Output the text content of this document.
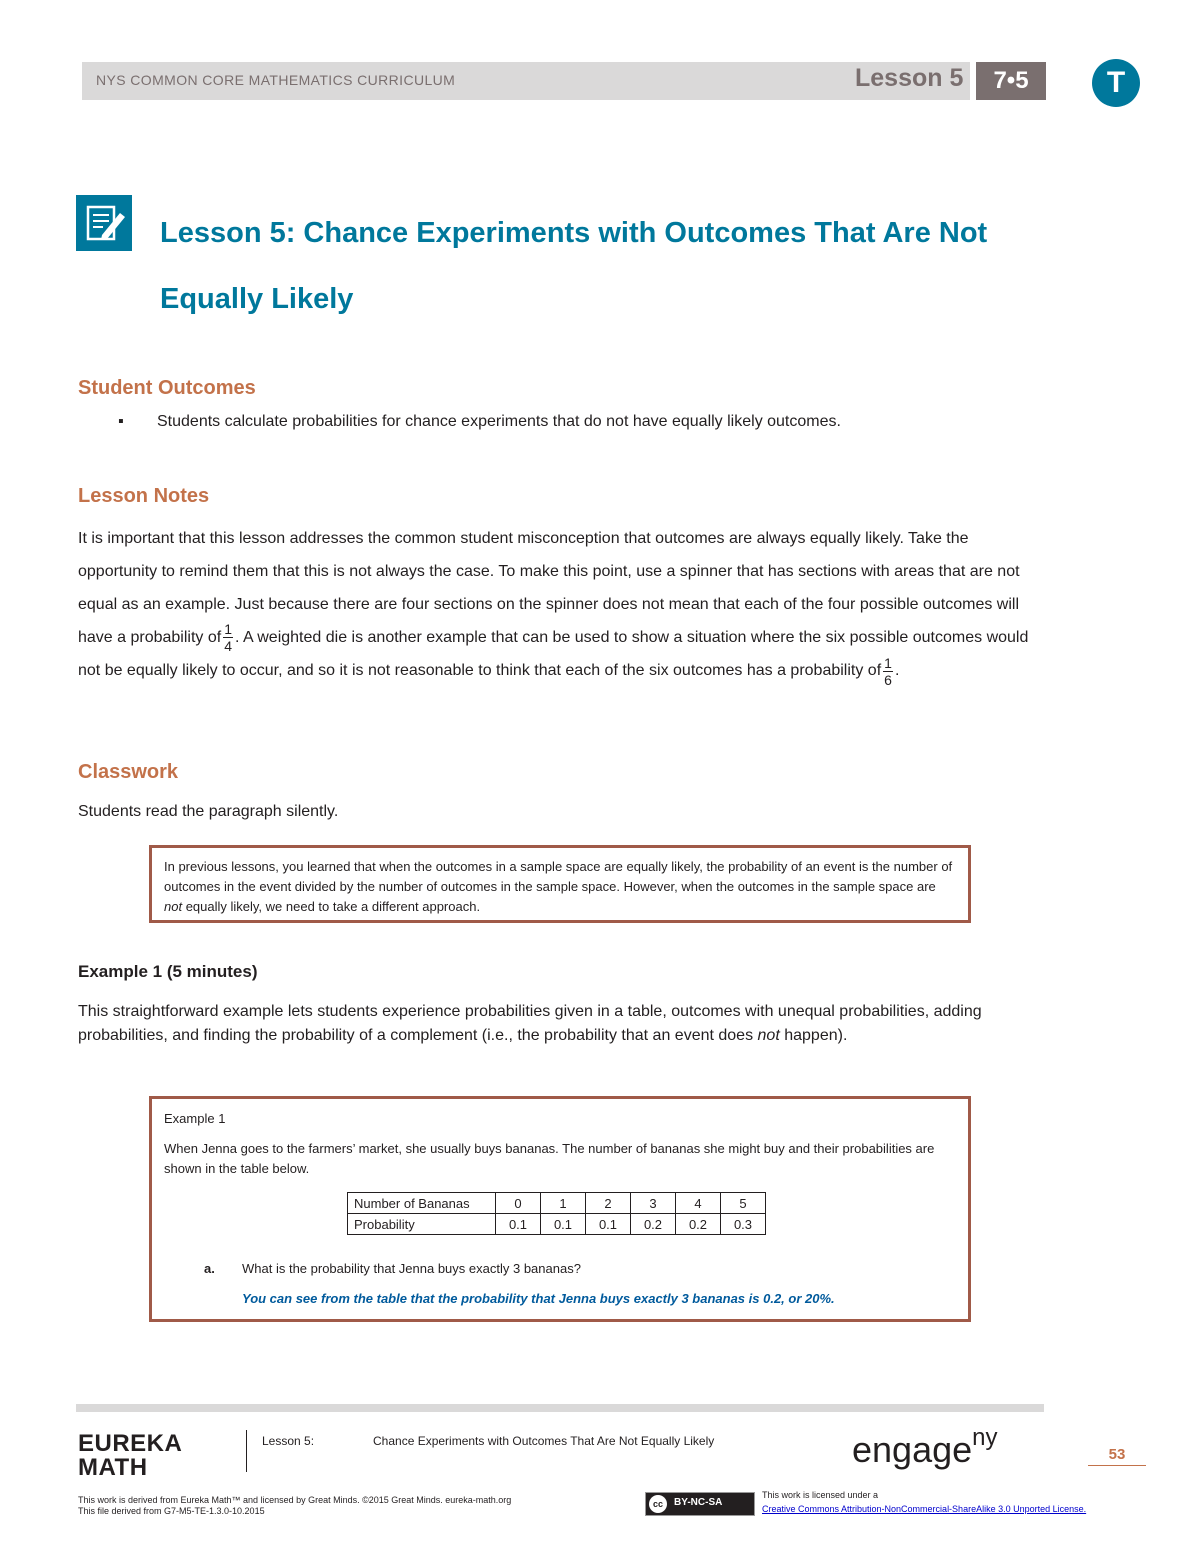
NYS COMMON CORE MATHEMATICS CURRICULUM	Lesson 5	7•5	T
Lesson 5: Chance Experiments with Outcomes That Are Not
Equally Likely
Student Outcomes
▪ Students calculate probabilities for chance experiments that do not have equally likely outcomes.
Lesson Notes
It is important that this lesson addresses the common student misconception that outcomes are always equally likely. Take the opportunity to remind them that this is not always the case. To make this point, use a spinner that has sections with areas that are not equal as an example. Just because there are four sections on the spinner does not mean that each of the four possible outcomes will have a probability of $\frac{1}{4}$ . A weighted die is another example that can be used to show a situation where the six possible outcomes would not be equally likely to occur, and so it is not reasonable to think that each of the six outcomes has a probability of $\frac{1}{6}$ .
Classwork
Students read the paragraph silently.
In previous lessons, you learned that when the outcomes in a sample space are equally likely, the probability of an event is the number of outcomes in the event divided by the number of outcomes in the sample space. However, when the outcomes in the sample space are not equally likely, we need to take a different approach.
Example 1 (5 minutes)
This straightforward example lets students experience probabilities given in a table, outcomes with unequal probabilities, adding probabilities, and finding the probability of a complement (i.e., the probability that an event does not happen).
Example 1
When Jenna goes to the farmers’ market, she usually buys bananas. The number of bananas she might buy and their probabilities are shown in the table below.
Number of Bananas	0	1	2	3	4	5
Probability	0.1	0.1	0.1	0.2	0.2	0.3
a. What is the probability that Jenna buys exactly 3 bananas?
You can see from the table that the probability that Jenna buys exactly 3 bananas is 0.2, or 20%.
EUREKA
MATH
Lesson 5:	Chance Experiments with Outcomes That Are Not Equally Likely	engage$^{ny}$
53
This work is derived from Eureka Math™ and licensed by Great Minds. ©2015 Great Minds. eureka-math.org
This file derived from G7-M5-TE-1.3.0-10.2015
cc	BY-NC-SA
This work is licensed under a
Creative Commons Attribution-NonCommercial-ShareAlike 3.0 Unported License.
